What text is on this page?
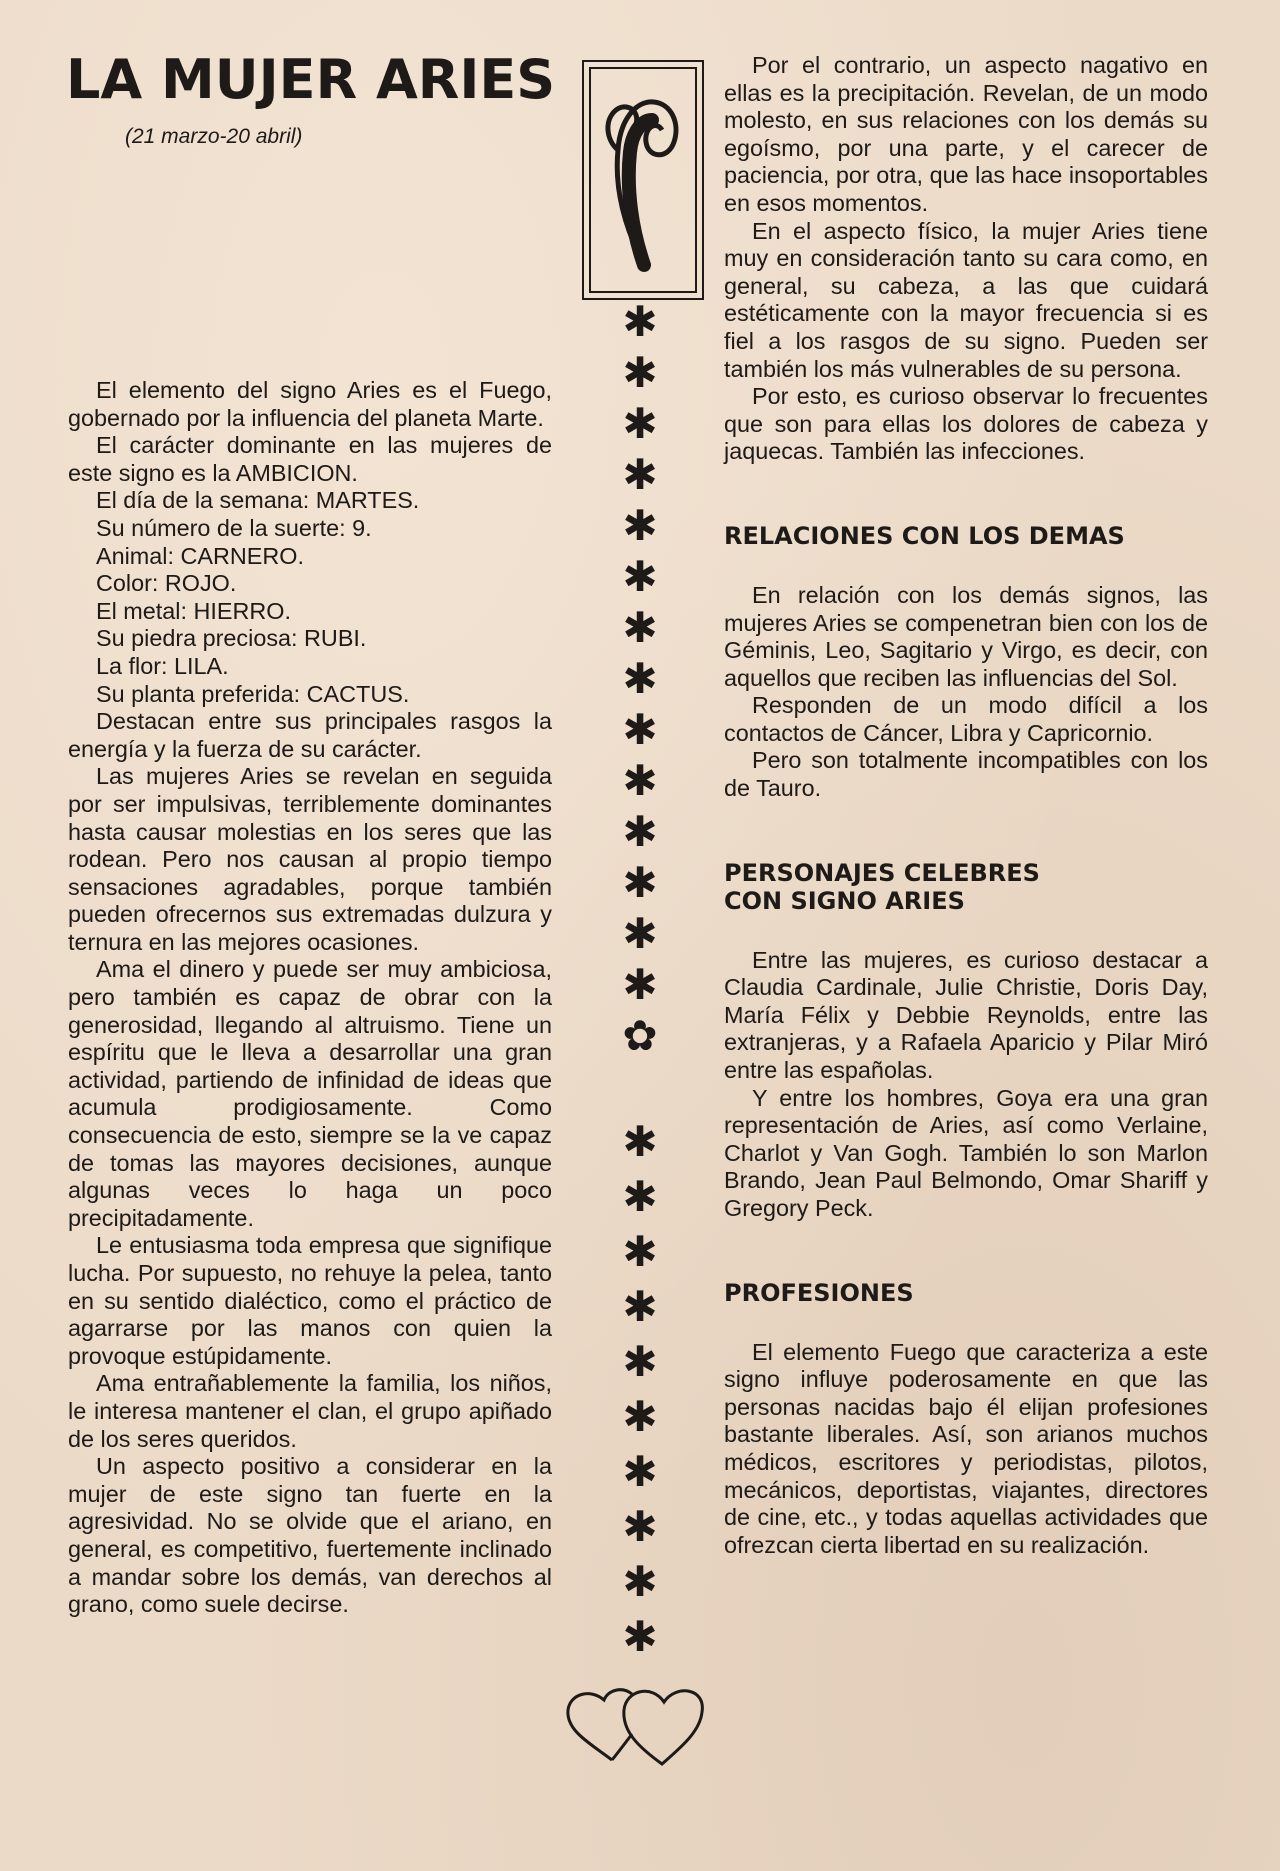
LA MUJER ARIES
(21 marzo-20 abril)

El elemento del signo Aries es el Fuego, gobernado por la influencia del planeta Marte.

El carácter dominante en las mujeres de este signo es la AMBICION.

El día de la semana: MARTES.

Su número de la suerte: 9.

Animal: CARNERO.

Color: ROJO.

El metal: HIERRO.

Su piedra preciosa: RUBI.

La flor: LILA.

Su planta preferida: CACTUS.

Destacan entre sus principales rasgos la energía y la fuerza de su carácter.

Las mujeres Aries se revelan en seguida por ser impulsivas, terriblemente dominantes hasta causar molestias en los seres que las rodean. Pero nos causan al propio tiempo sensaciones agradables, porque también pueden ofrecernos sus extremadas dulzura y ternura en las mejores ocasiones.

Ama el dinero y puede ser muy ambiciosa, pero también es capaz de obrar con la generosidad, llegando al altruismo. Tiene un espíritu que le lleva a desarrollar una gran actividad, partiendo de infinidad de ideas que acumula prodigiosamente. Como consecuencia de esto, siempre se la ve capaz de tomas las mayores decisiones, aunque algunas veces lo haga un poco precipitadamente.

Le entusiasma toda empresa que signifique lucha. Por supuesto, no rehuye la pelea, tanto en su sentido dialéctico, como el práctico de agarrarse por las manos con quien la provoque estúpidamente.

Ama entrañablemente la familia, los niños, le interesa mantener el clan, el grupo apiñado de los seres queridos.

Un aspecto positivo a considerar en la mujer de este signo tan fuerte en la agresividad. No se olvide que el ariano, en general, es competitivo, fuertemente inclinado a mandar sobre los demás, van derechos al grano, como suele decirse.

✱
✱
✱
✱
✱
✱
✱
✱
✱
✱
✱
✱
✱
✱
✿
✱
✱
✱
✱
✱
✱
✱
✱
✱
✱

Por el contrario, un aspecto nagativo en ellas es la precipitación. Revelan, de un modo molesto, en sus relaciones con los demás su egoísmo, por una parte, y el carecer de paciencia, por otra, que las hace insoportables en esos momentos.

En el aspecto físico, la mujer Aries tiene muy en consideración tanto su cara como, en general, su cabeza, a las que cuidará estéticamente con la mayor frecuencia si es fiel a los rasgos de su signo. Pueden ser también los más vulnerables de su persona.

Por esto, es curioso observar lo frecuentes que son para ellas los dolores de cabeza y jaquecas. También las infecciones.

RELACIONES CON LOS DEMAS

En relación con los demás signos, las mujeres Aries se compenetran bien con los de Géminis, Leo, Sagitario y Virgo, es decir, con aquellos que reciben las influencias del Sol.

Responden de un modo difícil a los contactos de Cáncer, Libra y Capricornio.

Pero son totalmente incompatibles con los de Tauro.

PERSONAJES CELEBRES
CON SIGNO ARIES

Entre las mujeres, es curioso destacar a Claudia Cardinale, Julie Christie, Doris Day, María Félix y Debbie Reynolds, entre las extranjeras, y a Rafaela Aparicio y Pilar Miró entre las españolas.

Y entre los hombres, Goya era una gran representación de Aries, así como Verlaine, Charlot y Van Gogh. También lo son Marlon Brando, Jean Paul Belmondo, Omar Shariff y Gregory Peck.

PROFESIONES

El elemento Fuego que caracteriza a este signo influye poderosamente en que las personas nacidas bajo él elijan profesiones bastante liberales. Así, son arianos muchos médicos, escritores y periodistas, pilotos, mecánicos, deportistas, viajantes, directores de cine, etc., y todas aquellas actividades que ofrezcan cierta libertad en su realización.
